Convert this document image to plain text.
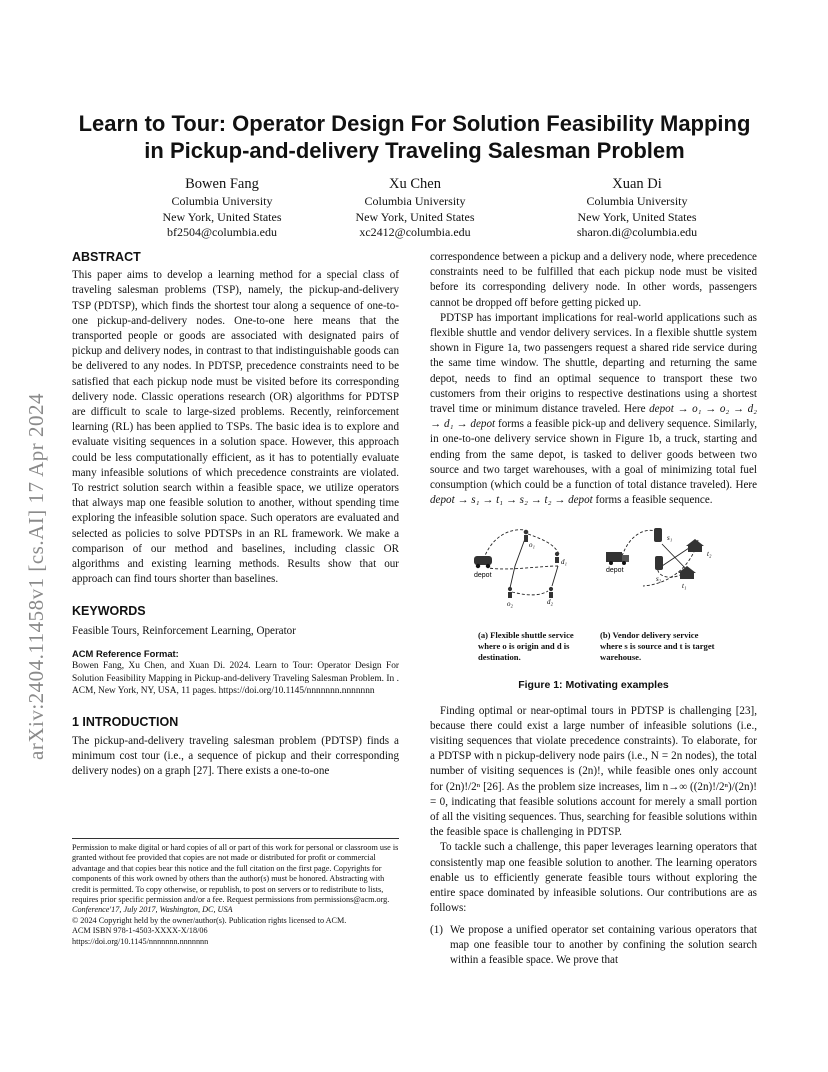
arXiv:2404.11458v1 [cs.AI] 17 Apr 2024
Learn to Tour: Operator Design For Solution Feasibility Mapping in Pickup-and-delivery Traveling Salesman Problem
Bowen Fang
Columbia University
New York, United States
bf2504@columbia.edu
Xu Chen
Columbia University
New York, United States
xc2412@columbia.edu
Xuan Di
Columbia University
New York, United States
sharon.di@columbia.edu
ABSTRACT

This paper aims to develop a learning method for a special class of traveling salesman problems (TSP), namely, the pickup-and-delivery TSP (PDTSP), which finds the shortest tour along a sequence of one-to-one pickup-and-delivery nodes. One-to-one here means that the transported people or goods are associated with designated pairs of pickup and delivery nodes, in contrast to that indistinguishable goods can be delivered to any nodes. In PDTSP, precedence constraints need to be satisfied that each pickup node must be visited before its corresponding delivery node. Classic operations research (OR) algorithms for PDTSP are difficult to scale to large-sized problems. Recently, reinforcement learning (RL) has been applied to TSPs. The basic idea is to explore and evaluate visiting sequences in a solution space. However, this approach could be less computationally efficient, as it has to potentially evaluate many infeasible solutions of which precedence constraints are violated. To restrict solution search within a feasible space, we utilize operators that always map one feasible solution to another, without spending time exploring the infeasible solution space. Such operators are evaluated and selected as policies to solve PDTSPs in an RL framework. We make a comparison of our method and baselines, including classic OR algorithms and existing learning methods. Results show that our approach can find tours shorter than baselines.

KEYWORDS

Feasible Tours, Reinforcement Learning, Operator

ACM Reference Format:

Bowen Fang, Xu Chen, and Xuan Di. 2024. Learn to Tour: Operator Design For Solution Feasibility Mapping in Pickup-and-delivery Traveling Salesman Problem. In . ACM, New York, NY, USA, 11 pages. https://doi.org/10.1145/nnnnnnn.nnnnnnn

1 INTRODUCTION

The pickup-and-delivery traveling salesman problem (PDTSP) finds a minimum cost tour (i.e., a sequence of pickup and their corresponding delivery nodes) on a graph [27]. There exists a one-to-one

Permission to make digital or hard copies of all or part of this work for personal or classroom use is granted without fee provided that copies are not made or distributed for profit or commercial advantage and that copies bear this notice and the full citation on the first page. Copyrights for components of this work owned by others than the author(s) must be honored. Abstracting with credit is permitted. To copy otherwise, or republish, to post on servers or to redistribute to lists, requires prior specific permission and/or a fee. Request permissions from permissions@acm.org.

Conference'17, July 2017, Washington, DC, USA

© 2024 Copyright held by the owner/author(s). Publication rights licensed to ACM.

ACM ISBN 978-1-4503-XXXX-X/18/06

https://doi.org/10.1145/nnnnnnn.nnnnnnn

correspondence between a pickup and a delivery node, where precedence constraints need to be fulfilled that each pickup node must be visited before its corresponding delivery node. In other words, passengers cannot be dropped off before getting picked up.

PDTSP has important implications for real-world applications such as flexible shuttle and vendor delivery services. In a flexible shuttle system shown in Figure 1a, two passengers request a shared ride service during the same time window. The shuttle, departing and returning the same depot, needs to find an optimal sequence to transport these two customers from their origins to respective destinations using a shortest travel time or minimum distance traveled. Here depot → o₁ → o₂ → d₂ → d₁ → depot forms a feasible pick-up and delivery sequence. Similarly, in one-to-one delivery service shown in Figure 1b, a truck, starting and ending from the same depot, is tasked to deliver goods between two source and two target warehouses, with a goal of minimizing total fuel consumption (which could be a function of total distance traveled). Here depot → s₁ → t₁ → s₂ → t₂ → depot forms a feasible sequence.

depot
o₁
d₁
o₂	d₂
depot
s₁
s₂
t₁
t₂
(a) Flexible shuttle service where o is origin and d is destination.
(b) Vendor delivery service where s is source and t is target warehouse.
Figure 1: Motivating examples

Finding optimal or near-optimal tours in PDTSP is challenging [23], because there could exist a large number of infeasible solutions (i.e., visiting sequences that violate precedence constraints). To elaborate, for a PDTSP with n pickup-delivery node pairs (i.e., N = 2n nodes), the total number of visiting sequences is (2n)!, while feasible ones only account for (2n)!/2ⁿ [26]. As the problem size increases, lim n→∞ ((2n)!/2ⁿ)/(2n)! = 0, indicating that feasible solutions account for merely a small portion of all the visiting sequences. Thus, searching for feasible solutions within the feasible space is challenging in PDTSP.

To tackle such a challenge, this paper leverages learning operators that consistently map one feasible solution to another. The learning operators enable us to efficiently generate feasible tours without exploring the entire space dominated by infeasible solutions. Our contributions are as follows:

(1) We propose a unified operator set containing various operators that map one feasible tour to another by confining the solution search within a feasible space. We prove that
